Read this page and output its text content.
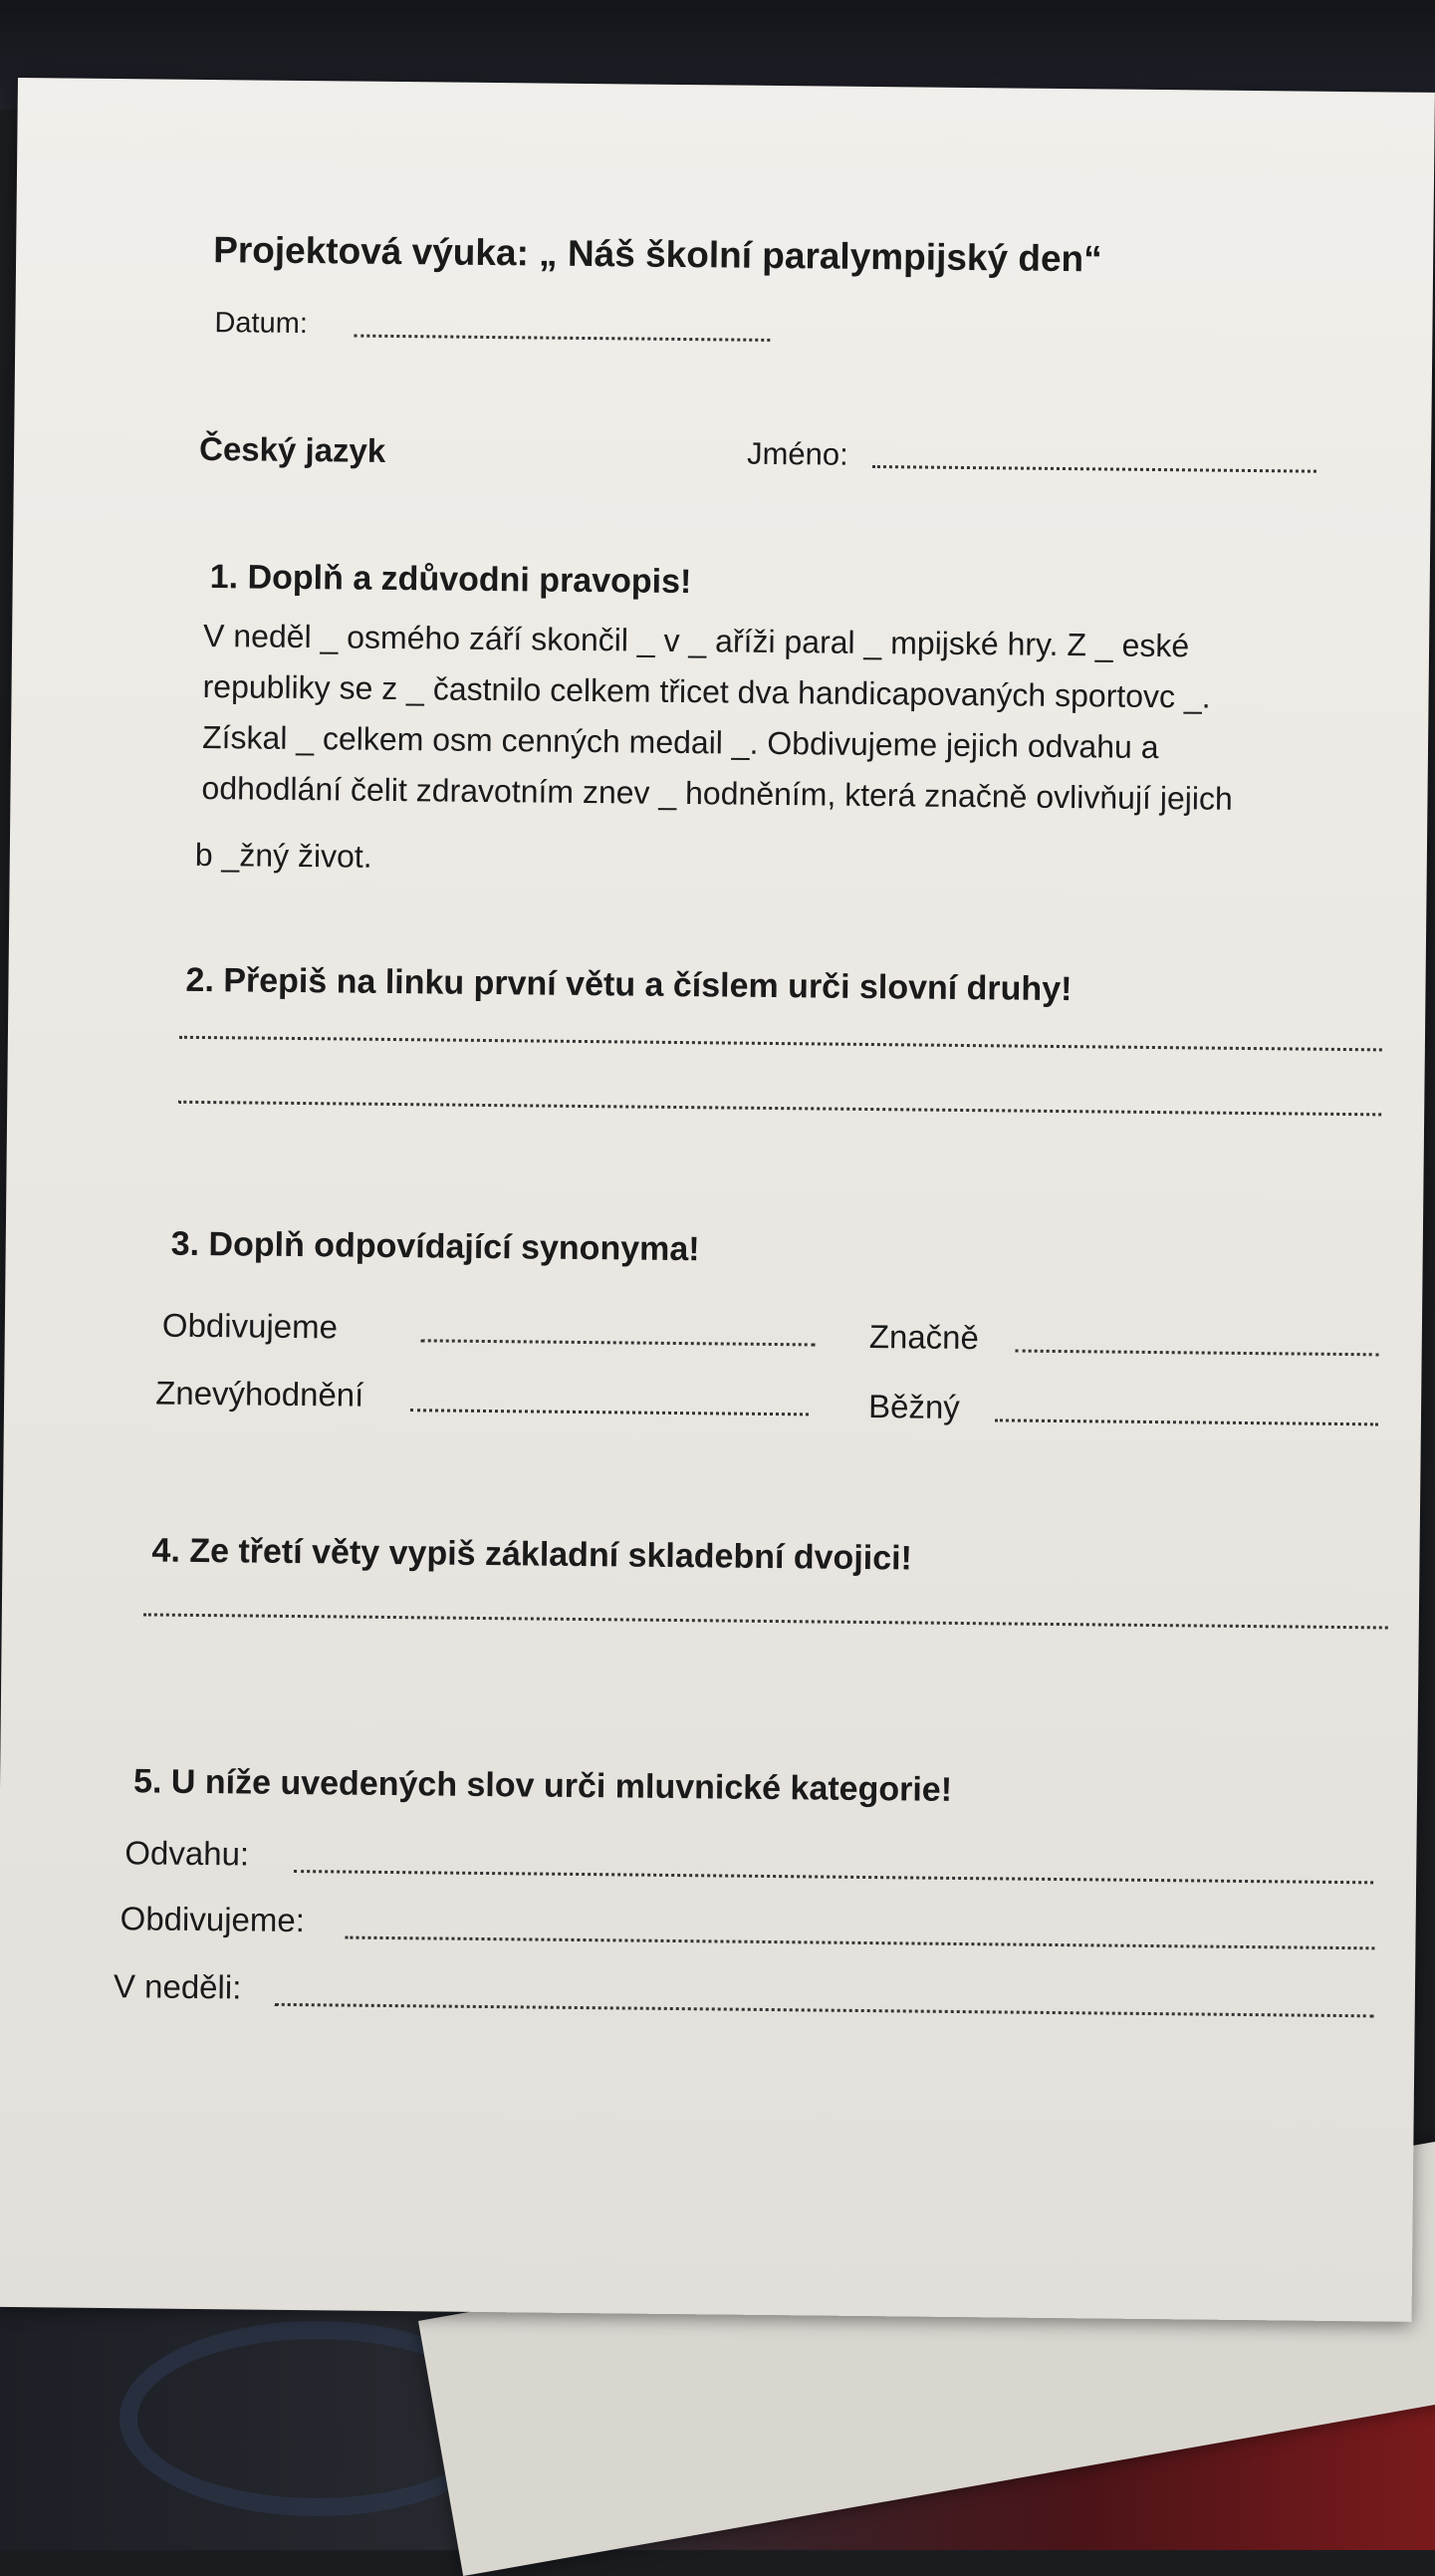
Projektová výuka: „ Náš školní paralympijský den“
Datum:
Český jazyk	Jméno:
1. Doplň a zdůvodni pravopis!
V neděl _ osmého září skončil _ v _ aříži paral _ mpijské hry. Z _ eské
republiky se z _ častnilo celkem třicet dva handicapovaných sportovc _.
Získal _ celkem osm cenných medail _. Obdivujeme jejich odvahu a
odhodlání čelit zdravotním znev _ hodněním, která značně ovlivňují jejich
b _žný život.
2. Přepiš na linku první větu a číslem urči slovní druhy!
3. Doplň odpovídající synonyma!
Obdivujeme	Značně
Znevýhodnění	Běžný
4. Ze třetí věty vypiš základní skladební dvojici!
5. U níže uvedených slov urči mluvnické kategorie!
Odvahu:
Obdivujeme:
V neděli:
